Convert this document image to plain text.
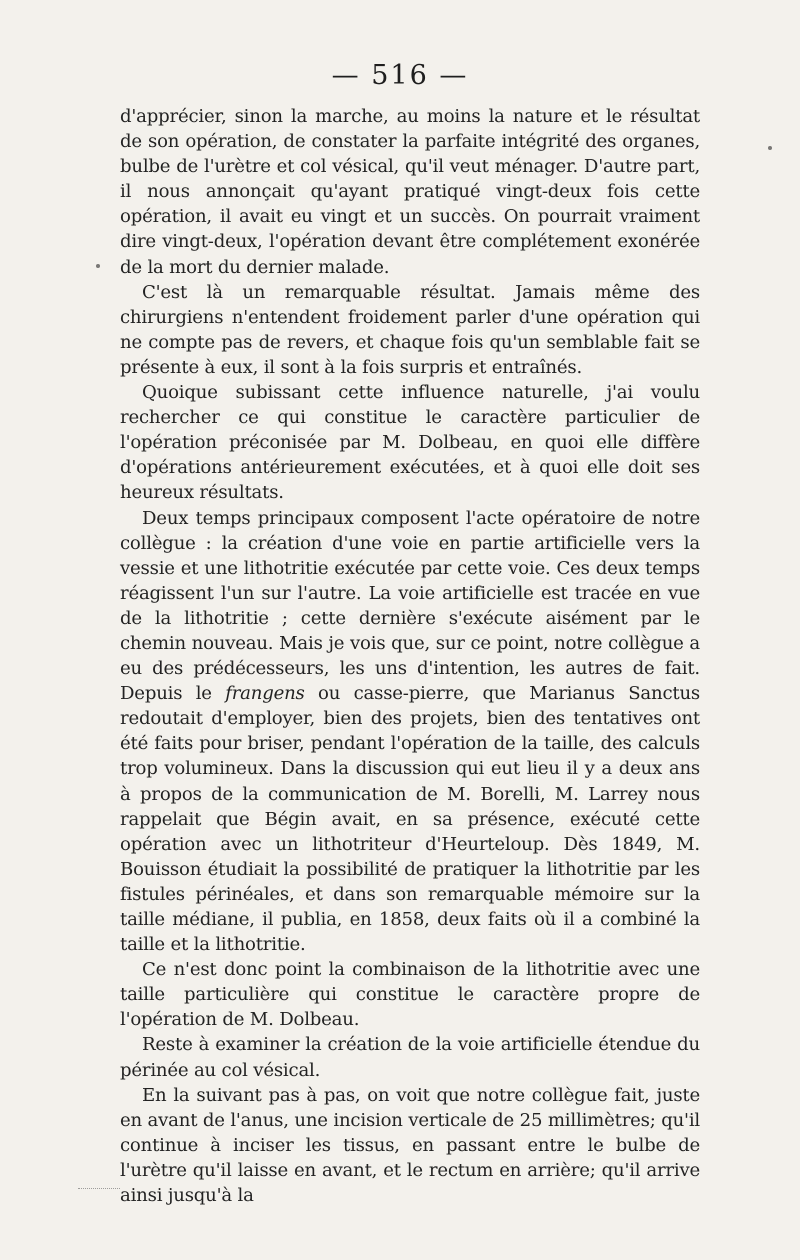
— 516 —

d'apprécier, sinon la marche, au moins la nature et le résultat de son opération, de constater la parfaite intégrité des organes, bulbe de l'urètre et col vésical, qu'il veut ménager. D'autre part, il nous annonçait qu'ayant pratiqué vingt-deux fois cette opération, il avait eu vingt et un succès. On pourrait vraiment dire vingt-deux, l'opération devant être complétement exonérée de la mort du dernier malade.

C'est là un remarquable résultat. Jamais même des chirurgiens n'entendent froidement parler d'une opération qui ne compte pas de revers, et chaque fois qu'un semblable fait se présente à eux, il sont à la fois surpris et entraînés.

Quoique subissant cette influence naturelle, j'ai voulu rechercher ce qui constitue le caractère particulier de l'opération préconisée par M. Dolbeau, en quoi elle diffère d'opérations antérieurement exécutées, et à quoi elle doit ses heureux résultats.

Deux temps principaux composent l'acte opératoire de notre collègue : la création d'une voie en partie artificielle vers la vessie et une lithotritie exécutée par cette voie. Ces deux temps réagissent l'un sur l'autre. La voie artificielle est tracée en vue de la lithotritie ; cette dernière s'exécute aisément par le chemin nouveau. Mais je vois que, sur ce point, notre collègue a eu des prédécesseurs, les uns d'intention, les autres de fait. Depuis le frangens ou casse-pierre, que Marianus Sanctus redoutait d'employer, bien des projets, bien des tentatives ont été faits pour briser, pendant l'opération de la taille, des calculs trop volumineux. Dans la discussion qui eut lieu il y a deux ans à propos de la communication de M. Borelli, M. Larrey nous rappelait que Bégin avait, en sa présence, exécuté cette opération avec un lithotriteur d'Heurteloup. Dès 1849, M. Bouisson étudiait la possibilité de pratiquer la lithotritie par les fistules périnéales, et dans son remarquable mémoire sur la taille médiane, il publia, en 1858, deux faits où il a combiné la taille et la lithotritie.

Ce n'est donc point la combinaison de la lithotritie avec une taille particulière qui constitue le caractère propre de l'opération de M. Dolbeau.

Reste à examiner la création de la voie artificielle étendue du périnée au col vésical.

En la suivant pas à pas, on voit que notre collègue fait, juste en avant de l'anus, une incision verticale de 25 millimètres; qu'il continue à inciser les tissus, en passant entre le bulbe de l'urètre qu'il laisse en avant, et le rectum en arrière; qu'il arrive ainsi jusqu'à la
